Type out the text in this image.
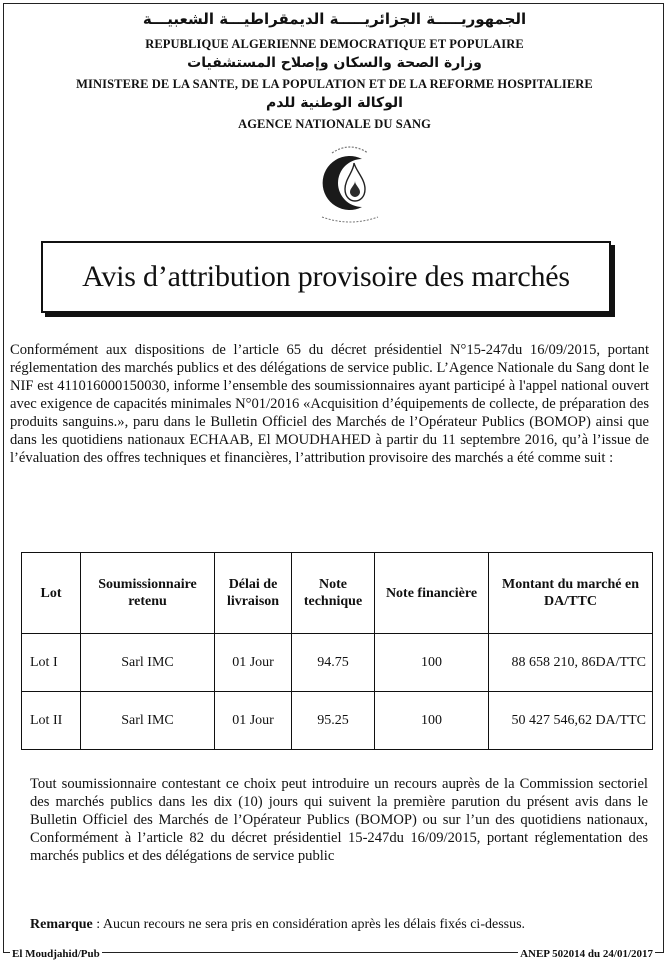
الجمهوريـــــة الجزائريـــــة الديمقراطيـــة الشعبيـــة
REPUBLIQUE ALGERIENNE DEMOCRATIQUE ET POPULAIRE
وزارة الصحة والسكان وإصلاح المستشفيات
MINISTERE DE LA SANTE, DE LA POPULATION ET DE LA REFORME HOSPITALIERE
الوكالة الوطنية للدم
AGENCE NATIONALE DU SANG
Avis d’attribution provisoire des marchés
Conformément aux dispositions de l’article 65 du décret présidentiel N°15-247du 16/09/2015, portant réglementation des marchés publics et des délégations de service public. L’Agence Nationale du Sang dont le NIF est 411016000150030, informe l’ensemble des soumissionnaires ayant participé à l'appel national ouvert avec exigence de capacités minimales N°01/2016 «Acquisition d’équipements de collecte, de préparation des produits sanguins.», paru dans le Bulletin Officiel des Marchés de l’Opérateur Publics (BOMOP) ainsi que dans les quotidiens nationaux ECHAAB, El MOUDHAHED à partir du 11 septembre 2016, qu’à l’issue de l’évaluation des offres techniques et financières, l’attribution provisoire des marchés a été comme suit :
Lot	Soumissionnaire retenu	Délai de livraison	Note technique	Note financière	Montant du marché en DA/TTC
Lot I	Sarl IMC	01 Jour	94.75	100	88 658 210, 86DA/TTC
Lot II	Sarl IMC	01 Jour	95.25	100	50 427 546,62 DA/TTC
Tout soumissionnaire contestant ce choix peut introduire un recours auprès de la Commission sectoriel des marchés publics dans les dix (10) jours qui suivent la première parution du présent avis dans le Bulletin Officiel des Marchés de l’Opérateur Publics (BOMOP) ou sur l’un des quotidiens nationaux, Conformément à l’article 82 du décret présidentiel 15-247du 16/09/2015, portant réglementation des marchés publics et des délégations de service public
Remarque : Aucun recours ne sera pris en considération après les délais fixés ci-dessus.
El Moudjahid/Pub	ANEP 502014 du 24/01/2017
